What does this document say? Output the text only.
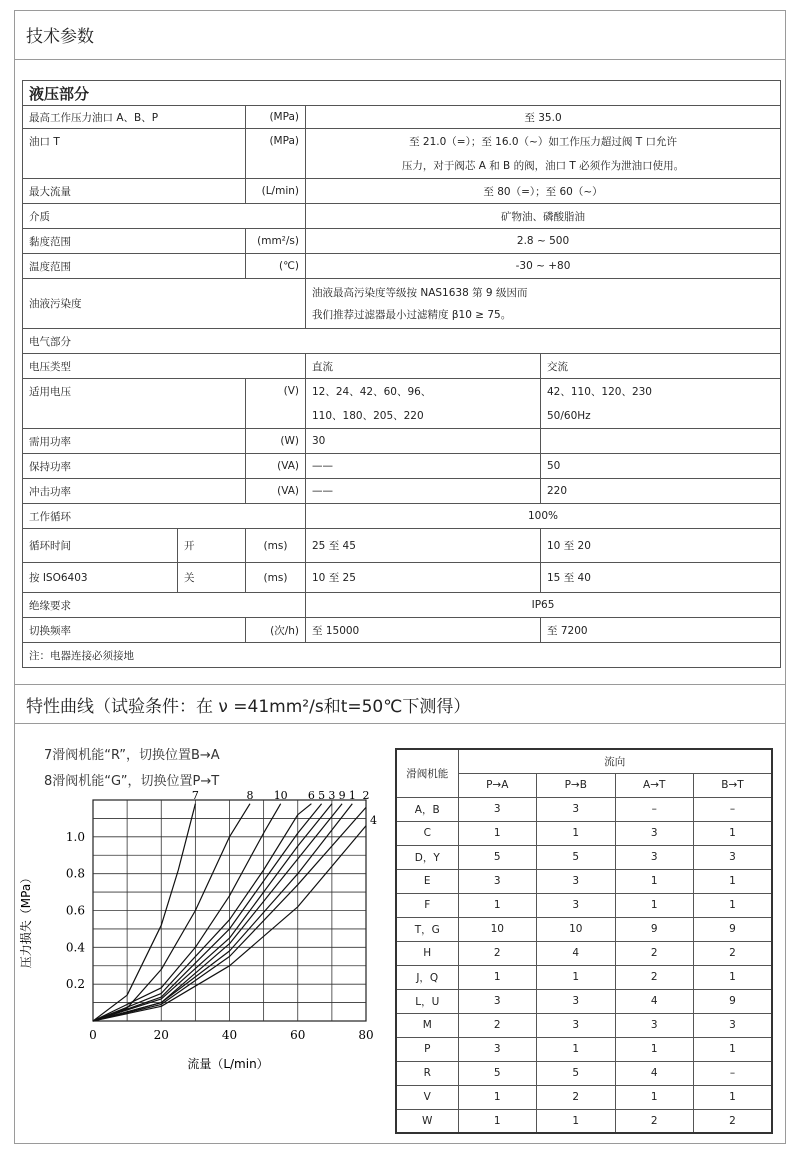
技术参数
液压部分				
最高工作压力油口 A、B、P		(MPa)	至 35.0	
油口 T		(MPa)	至 21.0（=）；至 16.0（~）如工作压力超过阀 T 口允许	
			压力，对于阀芯 A 和 B 的阀，油口 T 必须作为泄油口使用。	
最大流量		(L/min)	至 80（=）；至 60（~）	
介质			矿物油、磷酸脂油	
黏度范围		(mm²/s)	2.8 ~ 500	
温度范围		(℃)	-30 ~ +80	
油液污染度			油液最高污染度等级按 NAS1638 第 9 级因而
我们推荐过滤器最小过滤精度 β10 ≥ 75。	

电气部分				
电压类型			直流	交流
适用电压		(V)	12、24、42、60、96、	42、110、120、230
			110、180、205、220	50/60Hz
需用功率		(W)	30	
保持功率		(VA)	——	50
冲击功率		(VA)	——	220
工作循环			100%	
循环时间	开	(ms)	25 至 45	10 至 20
按 ISO6403	关	(ms)	10 至 25	15 至 40
绝缘要求			IP65	
切换频率		(次/h)	至 15000	至 7200
注：电器连接必须接地				
特性曲线（试验条件：在 ν =41mm²/s和t=50℃下测得）
7滑阀机能“R”，切换位置B→A
8滑阀机能“G”，切换位置P→T
0	20	40	60	80
0.2
0.4
0.6
0.8
1.0
7	8 10 6 5 3 9 1 2
4
压力损失（MPa）
流量（L/min）
滑阀机能	流向			
	P→A	P→B	A→T	B→T
A，B	3	3	–	–
C	1	1	3	1
D，Y	5	5	3	3
E	3	3	1	1
F	1	3	1	1
T，G	10	10	9	9
H	2	4	2	2
J，Q	1	1	2	1
L，U	3	3	4	9
M	2	3	3	3
P	3	1	1	1
R	5	5	4	–
V	1	2	1	1
W	1	1	2	2
